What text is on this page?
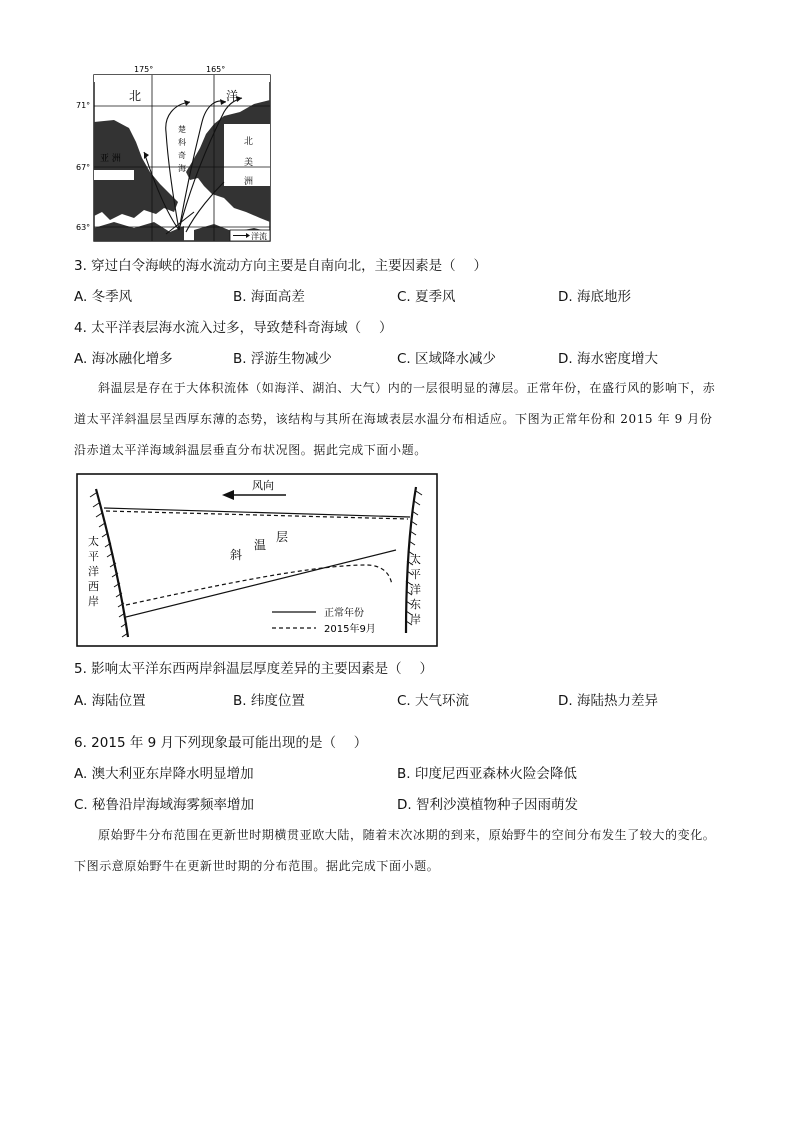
175°	165°
71°
67°
63°
北	冰	洋
亚 洲
北
美
洲
楚
科
奇
海
洋流
3. 穿过白令海峡的海水流动方向主要是自南向北，主要因素是（　 ）
A. 冬季风	B. 海面高差	C. 夏季风	D. 海底地形
4. 太平洋表层海水流入过多，导致楚科奇海域（　 ）
A. 海冰融化增多	B. 浮游生物减少	C. 区域降水减少	D. 海水密度增大
斜温层是存在于大体积流体（如海洋、湖泊、大气）内的一层很明显的薄层。正常年份，在盛行风的影响下，赤道太平洋斜温层呈西厚东薄的态势，该结构与其所在海域表层水温分布相适应。下图为正常年份和 2015 年 9 月份沿赤道太平洋海域斜温层垂直分布状况图。据此完成下面小题。
风向
斜
温
层
太
平
洋
西
岸
太
平
洋
东
岸
正常年份
2015年9月
5. 影响太平洋东西两岸斜温层厚度差异的主要因素是（　 ）
A. 海陆位置	B. 纬度位置	C. 大气环流	D. 海陆热力差异
6. 2015 年 9 月下列现象最可能出现的是（　 ）
A. 澳大利亚东岸降水明显增加	B. 印度尼西亚森林火险会降低
C. 秘鲁沿岸海域海雾频率增加	D. 智利沙漠植物种子因雨萌发
原始野牛分布范围在更新世时期横贯亚欧大陆，随着末次冰期的到来，原始野牛的空间分布发生了较大的变化。下图示意原始野牛在更新世时期的分布范围。据此完成下面小题。
